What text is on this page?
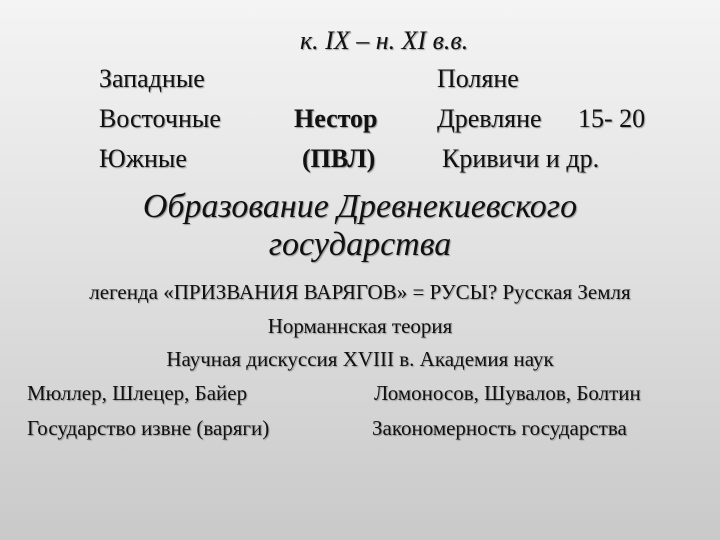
к. IX – н. XI в.в.
Западные
Восточные
Южные
Нестор
(ПВЛ)
Поляне
Древляне 15- 20
Кривичи и др.
Образование Древнекиевского
государства
легенда «ПРИЗВАНИЯ ВАРЯГОВ» = РУСЫ? Русская Земля
Норманнская теория
Научная дискуссия XVIII в. Академия наук
Мюллер, Шлецер, Байер	Ломоносов, Шувалов, Болтин
Государство извне (варяги)	Закономерность государства
